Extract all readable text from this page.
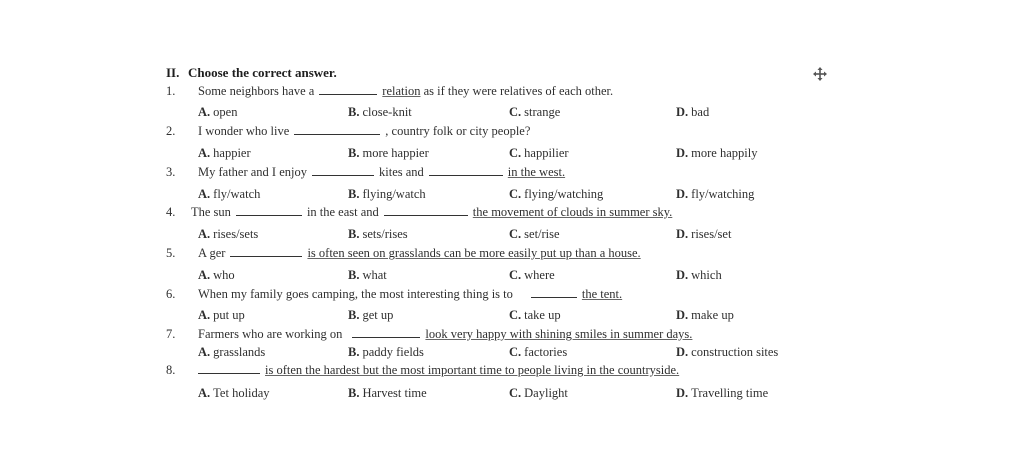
II. Choose the correct answer.
1. Some neighbors have a	relation as if they were relatives of each other.
A. open	B. close-knit	C. strange	D. bad
2. I wonder who live	, country folk or city people?
A. happier	B. more happier	C. happilier	D. more happily
3. My father and I enjoy	kites and	in the west.
A. fly/watch	B. flying/watch	C. flying/watching	D. fly/watching
4. The sun	in the east and	the movement of clouds in summer sky.
A. rises/sets	B. sets/rises	C. set/rise	D. rises/set
5. A ger	is often seen on grasslands can be more easily put up than a house.
A. who	B. what	C. where	D. which
6. When my family goes camping, the most interesting thing is to	the tent.
A. put up	B. get up	C. take up	D. make up
7. Farmers who are working on	look very happy with shining smiles in summer days.
A. grasslands	B. paddy fields	C. factories	D. construction sites
8.	is often the hardest but the most important time to people living in the countryside.
A. Tet holiday	B. Harvest time	C. Daylight	D. Travelling time
